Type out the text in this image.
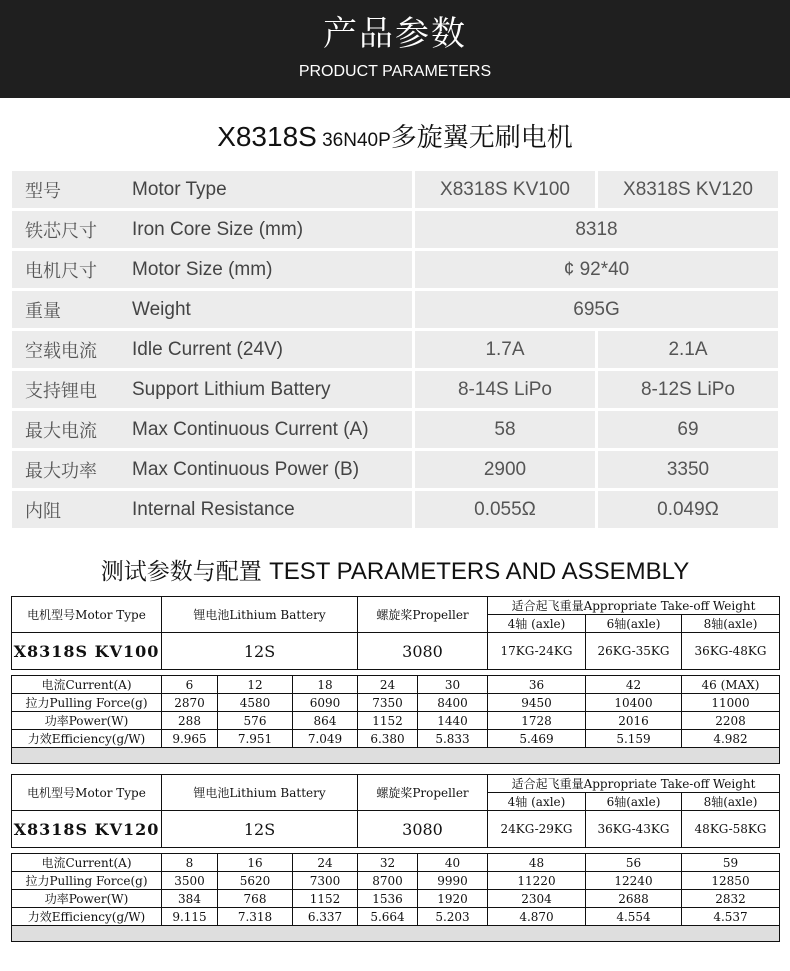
产品参数
PRODUCT PARAMETERS
X8318S 36N40P多旋翼无刷电机
型号	Motor Type	X8318S KV100	X8318S KV120
铁芯尺寸	Iron Core Size (mm)	8318	
电机尺寸	Motor Size (mm)	¢ 92*40	
重量	Weight	695G	
空载电流	Idle Current (24V)	1.7A	2.1A
支持锂电	Support Lithium Battery	8-14S LiPo	8-12S LiPo
最大电流	Max Continuous Current (A)	58	69
最大功率	Max Continuous Power (B)	2900	3350
内阻	Internal Resistance	0.055Ω	0.049Ω
测试参数与配置 TEST PARAMETERS AND ASSEMBLY
电机型号Motor Type	锂电池Lithium Battery			螺旋桨Propeller		适合起飞重量Appropriate Take-off Weight		
						4轴 (axle)	6轴(axle)	8轴(axle)
X8318S KV100	12S			3080		17KG-24KG	26KG-35KG	36KG-48KG

电流Current(A)	6	12	18	24	30	36	42	46 (MAX)
拉力Pulling Force(g)	2870	4580	6090	7350	8400	9450	10400	11000
功率Power(W)	288	576	864	1152	1440	1728	2016	2208
力效Efficiency(g/W)	9.965	7.951	7.049	6.380	5.833	5.469	5.159	4.982

电机型号Motor Type	锂电池Lithium Battery			螺旋桨Propeller		适合起飞重量Appropriate Take-off Weight		
						4轴 (axle)	6轴(axle)	8轴(axle)
X8318S KV120	12S			3080		24KG-29KG	36KG-43KG	48KG-58KG

电流Current(A)	8	16	24	32	40	48	56	59
拉力Pulling Force(g)	3500	5620	7300	8700	9990	11220	12240	12850
功率Power(W)	384	768	1152	1536	1920	2304	2688	2832
力效Efficiency(g/W)	9.115	7.318	6.337	5.664	5.203	4.870	4.554	4.537
